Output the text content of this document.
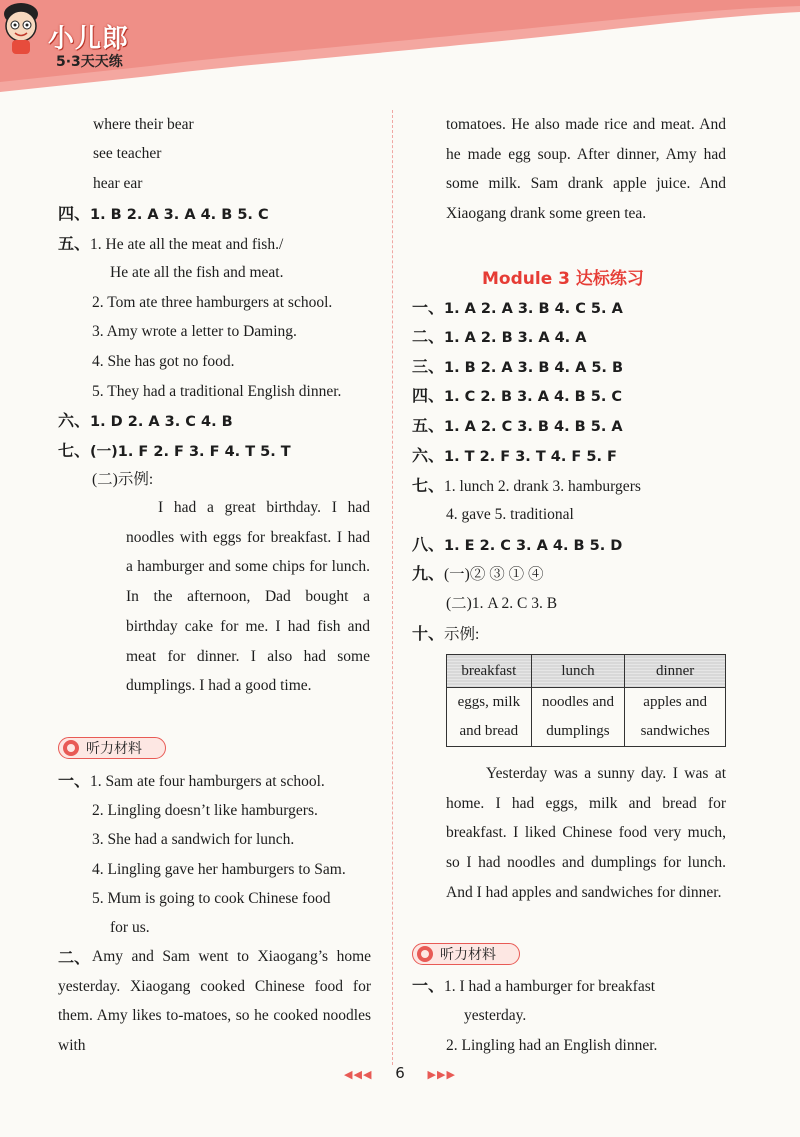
小儿郎
5·3天天练
where their bear
see teacher
hear ear
四、1. B 2. A 3. A 4. B 5. C
五、1. He ate all the meat and fish./
He ate all the fish and meat.
2. Tom ate three hamburgers at school.
3. Amy wrote a letter to Daming.
4. She has got no food.
5. They had a traditional English dinner.
六、1. D 2. A 3. C 4. B
七、(一)1. F 2. F 3. F 4. T 5. T
(二)示例:
I had a great birthday. I had noodles with eggs for breakfast. I had a hamburger and some chips for lunch. In the afternoon, Dad bought a birthday cake for me. I had fish and meat for dinner. I also had some dumplings. I had a good time.
听力材料
一、1. Sam ate four hamburgers at school.
2. Lingling doesn’t like hamburgers.
3. She had a sandwich for lunch.
4. Lingling gave her hamburgers to Sam.
5. Mum is going to cook Chinese food
for us.
二、 Amy and Sam went to Xiaogang’s home yesterday. Xiaogang cooked Chinese food for them. Amy likes to-matoes, so he cooked noodles with
tomatoes. He also made rice and meat. And he made egg soup. After dinner, Amy had some milk. Sam drank apple juice. And Xiaogang drank some green tea.
Module 3 达标练习
一、1. A 2. A 3. B 4. C 5. A
二、1. A 2. B 3. A 4. A
三、1. B 2. A 3. B 4. A 5. B
四、1. C 2. B 3. A 4. B 5. C
五、1. A 2. C 3. B 4. B 5. A
六、1. T 2. F 3. T 4. F 5. F
七、1. lunch 2. drank 3. hamburgers
4. gave 5. traditional
八、1. E 2. C 3. A 4. B 5. D
九、(一)② ③ ① ④
(二)1. A 2. C 3. B
十、示例:
breakfast	lunch	dinner
eggs, milk and bread	noodles and dumplings	apples and sandwiches
Yesterday was a sunny day. I was at home. I had eggs, milk and bread for breakfast. I liked Chinese food very much, so I had noodles and dumplings for lunch. And I had apples and sandwiches for dinner.
听力材料
一、1. I had a hamburger for breakfast
yesterday.
2. Lingling had an English dinner.
◀◀◀ 6 ▶▶▶
